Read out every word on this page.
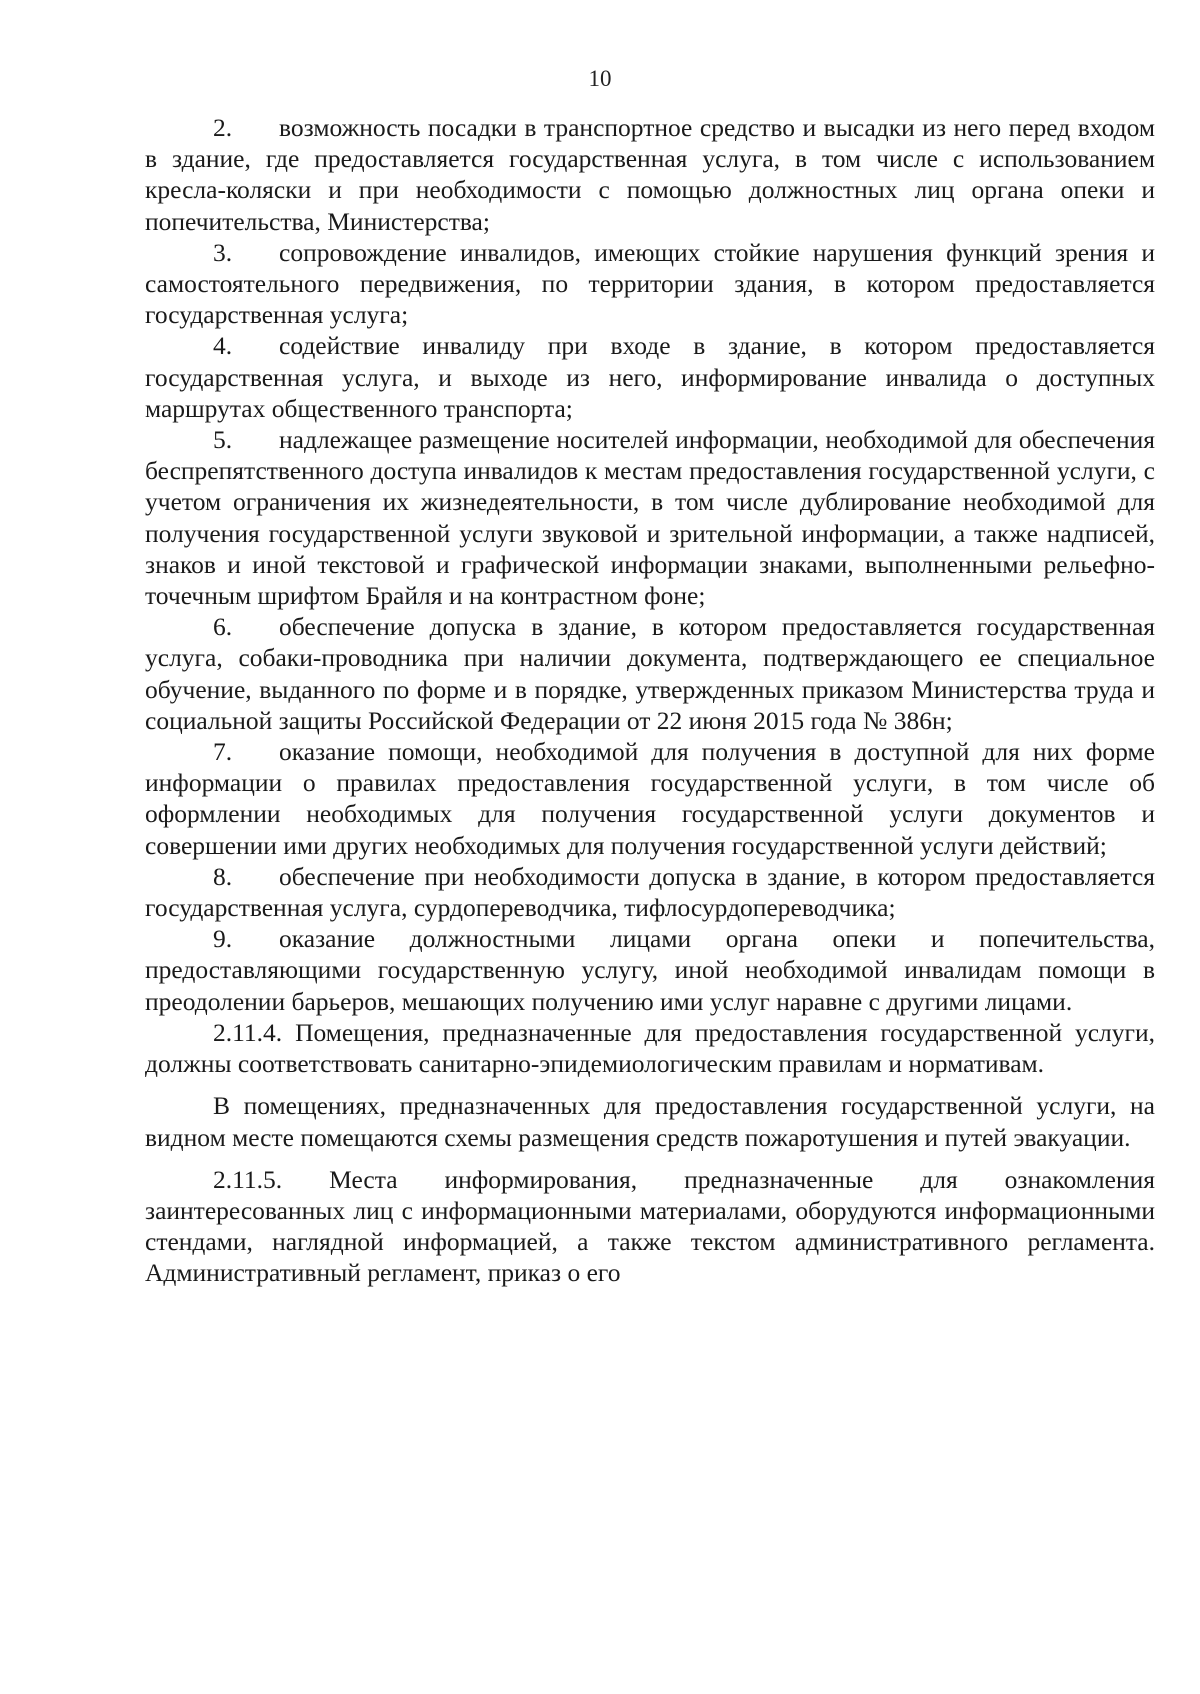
10

2. возможность посадки в транспортное средство и высадки из него перед входом в здание, где предоставляется государственная услуга, в том числе с использованием кресла-коляски и при необходимости с помощью должностных лиц органа опеки и попечительства, Министерства;

3. сопровождение инвалидов, имеющих стойкие нарушения функций зрения и самостоятельного передвижения, по территории здания, в котором предоставляется государственная услуга;

4. содействие инвалиду при входе в здание, в котором предоставляется государственная услуга, и выходе из него, информирование инвалида о доступных маршрутах общественного транспорта;

5. надлежащее размещение носителей информации, необходимой для обеспечения беспрепятственного доступа инвалидов к местам предоставления государственной услуги, с учетом ограничения их жизнедеятельности, в том числе дублирование необходимой для получения государственной услуги звуковой и зрительной информации, а также надписей, знаков и иной текстовой и графической информации знаками, выполненными рельефно-точечным шрифтом Брайля и на контрастном фоне;

6. обеспечение допуска в здание, в котором предоставляется государственная услуга, собаки-проводника при наличии документа, подтверждающего ее специальное обучение, выданного по форме и в порядке, утвержденных приказом Министерства труда и социальной защиты Российской Федерации от 22 июня 2015 года № 386н;

7. оказание помощи, необходимой для получения в доступной для них форме информации о правилах предоставления государственной услуги, в том числе об оформлении необходимых для получения государственной услуги документов и совершении ими других необходимых для получения государственной услуги действий;

8. обеспечение при необходимости допуска в здание, в котором предоставляется государственная услуга, сурдопереводчика, тифлосурдопереводчика;

9. оказание должностными лицами органа опеки и попечительства, предоставляющими государственную услугу, иной необходимой инвалидам помощи в преодолении барьеров, мешающих получению ими услуг наравне с другими лицами.

2.11.4. Помещения, предназначенные для предоставления государственной услуги, должны соответствовать санитарно-эпидемиологическим правилам и нормативам.

В помещениях, предназначенных для предоставления государственной услуги, на видном месте помещаются схемы размещения средств пожаротушения и путей эвакуации.

2.11.5. Места информирования, предназначенные для ознакомления заинтересованных лиц с информационными материалами, оборудуются информационными стендами, наглядной информацией, а также текстом административного регламента. Административный регламент, приказ о его
